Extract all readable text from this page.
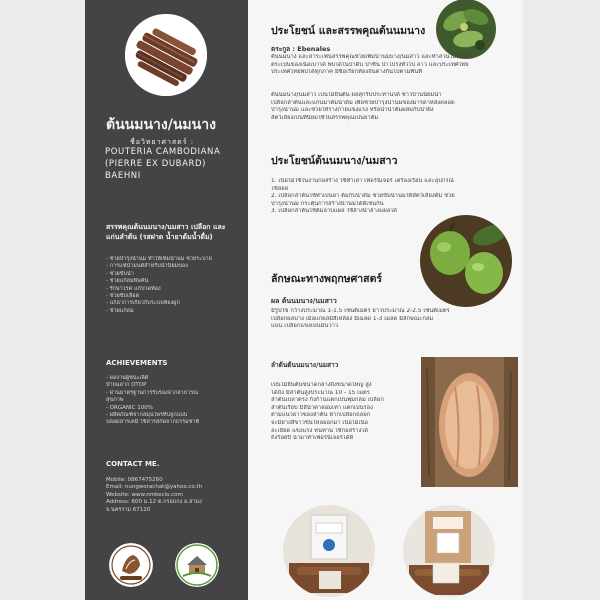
ต้นนมนาง/นมนาง
ชื่อวิทยาศาสตร์ :
POUTERIA CAMBODIANA (PIERRE EX DUBARD) BAEHNI
สรรพคุณต้นนมนาง/นมสาว เปลือก และแก่นลำต้น (รสฝาด น้ำยาต้มน้ำดื่ม)
- ช่วยบำรุงน้ำนม ทำให้เพิ่มน้ำนม ช่วยระบาย
- การแช่น้ำมนต์สำหรับน้ำนิยมของ
- ช่วยขับน้ำ
- ช่วยแก้ลมพิษคัน
- รักษาโรค แก้ปวดท้อง
- ช่วยขับเลือด
- แก้อาการเกี่ยวกับระบบท้องผูก
- ช่วยแก้ลม
ACHIEVEMENTS
- ผลงานผู้ชนะเลิศ
ป้ายฉลาก OTOP
- ผ่านมาตรฐานการรับรองจากสาธารณ
สุขภาพ
- ORGANIC 100%
- ผลิตภัณฑ์จากสมุนไพรที่ปลูกแบบ
ปลอดสารเคมี ใช้สารสกัดจากธรรมชาติ
CONTACT ME.
Mobile: 0867475260
Email: nungworachat@yahoo.co.th
Website: www.nmkeclo.com
Address: 600 ม.12 ต.กรอบกง อ.สามง
จ.นครราม 67120
ประโยชน์ และสรรพคุณต้นนมนาง
ตระกูล : Ebenales
ต้นนมนาง และสาระเฟนสรรพคุณช่วยเพิ่มน้ำนมบาง/นมสาว และทำสวนไม่ยืนต้น
ตระเป็นของเนื้อเบาได้ พบได้ในป่าดิบ ป่าชื้น ป่าโปร่งทั่วไป ลาว และประเทศไทย
ประเทศไทยพบได้ทุกภาค มีชื่อเรียกท้องถิ่นต่างกันไปตามพื้นที่
ต้นนมนาง/นมสาว เป็นไม้ยืนต้น ผลสุกรับประทานได้ ชาวบ้านนิยมนำ
เปลือกลำต้นและแก่นมาต้มน้ำดื่ม เพื่อช่วยบำรุงน้ำนมของมารดาหลังคลอด
บำรุงน้ำนม และช่วยให้ร่างกายแข็งแรง หรือนำน้ำต้มผสมกับน้ำผึ้ง
สัตว์เลี้ยงเป็นที่นิยมใช้ในสรรพคุณเป็นยาต้ม
ประโยชน์ต้นนมนาง/นมสาว
1. เนื้อไม้ใช้ในงานก่อสร้าง ใช้ทำเสา เฟอร์นิเจอร์ เครื่องเรือน และอุปกรณ์
ใช้สอย
2. เปลือกลำต้นใช้ทำเป็นยา ต้มกับน้ำดื่ม ช่วยขับน้ำนมให้สัตว์เลี้ยงดื่ม ช่วย
บำรุงน้ำนม กระตุ้นการสร้างน้ำนมได้ดีเช่นกัน
3. เปลือกลำต้นใช้ต้มอาบแผล ใช้ล้างน้ำล้างแผลได้
ลักษณะทางพฤกษศาสตร์
ผล ต้นนมนาง/นมสาว
มีรูปไข่ กว้างประมาณ 1-1.5 เซนติเมตร ยาวประมาณ 2-2.5 เซนติเมตร
เปลือกผลบาง เมื่อแก่ผลมีสีเหลือง มีเมล็ด 1-3 เมล็ด มีลักษณะกลม
แบน เปลือกแข็งเป็นมันวาว
ลำต้นต้นนมนาง/นมสาว
เป็นไม้ยืนต้นขนาดกลางถึงขนาดใหญ่ สูง
ได้ถึง มีลำต้นสูงประมาณ 10 - 15 เมตร
ลำต้นเปลาตรง กิ่งก้านแตกเป็นพุ่มกลม เปลือก
ลำต้นเรียบ มีสีน้ำตาลอมเทา แตกเป็นร่อง
ตามแนวยาวของลำต้น หากเปลือกถลอก
จะมียางสีขาวข้นไหลออกมา เนื้อไม้เนื้อ
ละเอียด แข็งแรง ทนทาน ใช้ก่อสร้างได้
ถึงร้อยปี นำมาทำเฟอร์นิเจอร์ได้ดี
